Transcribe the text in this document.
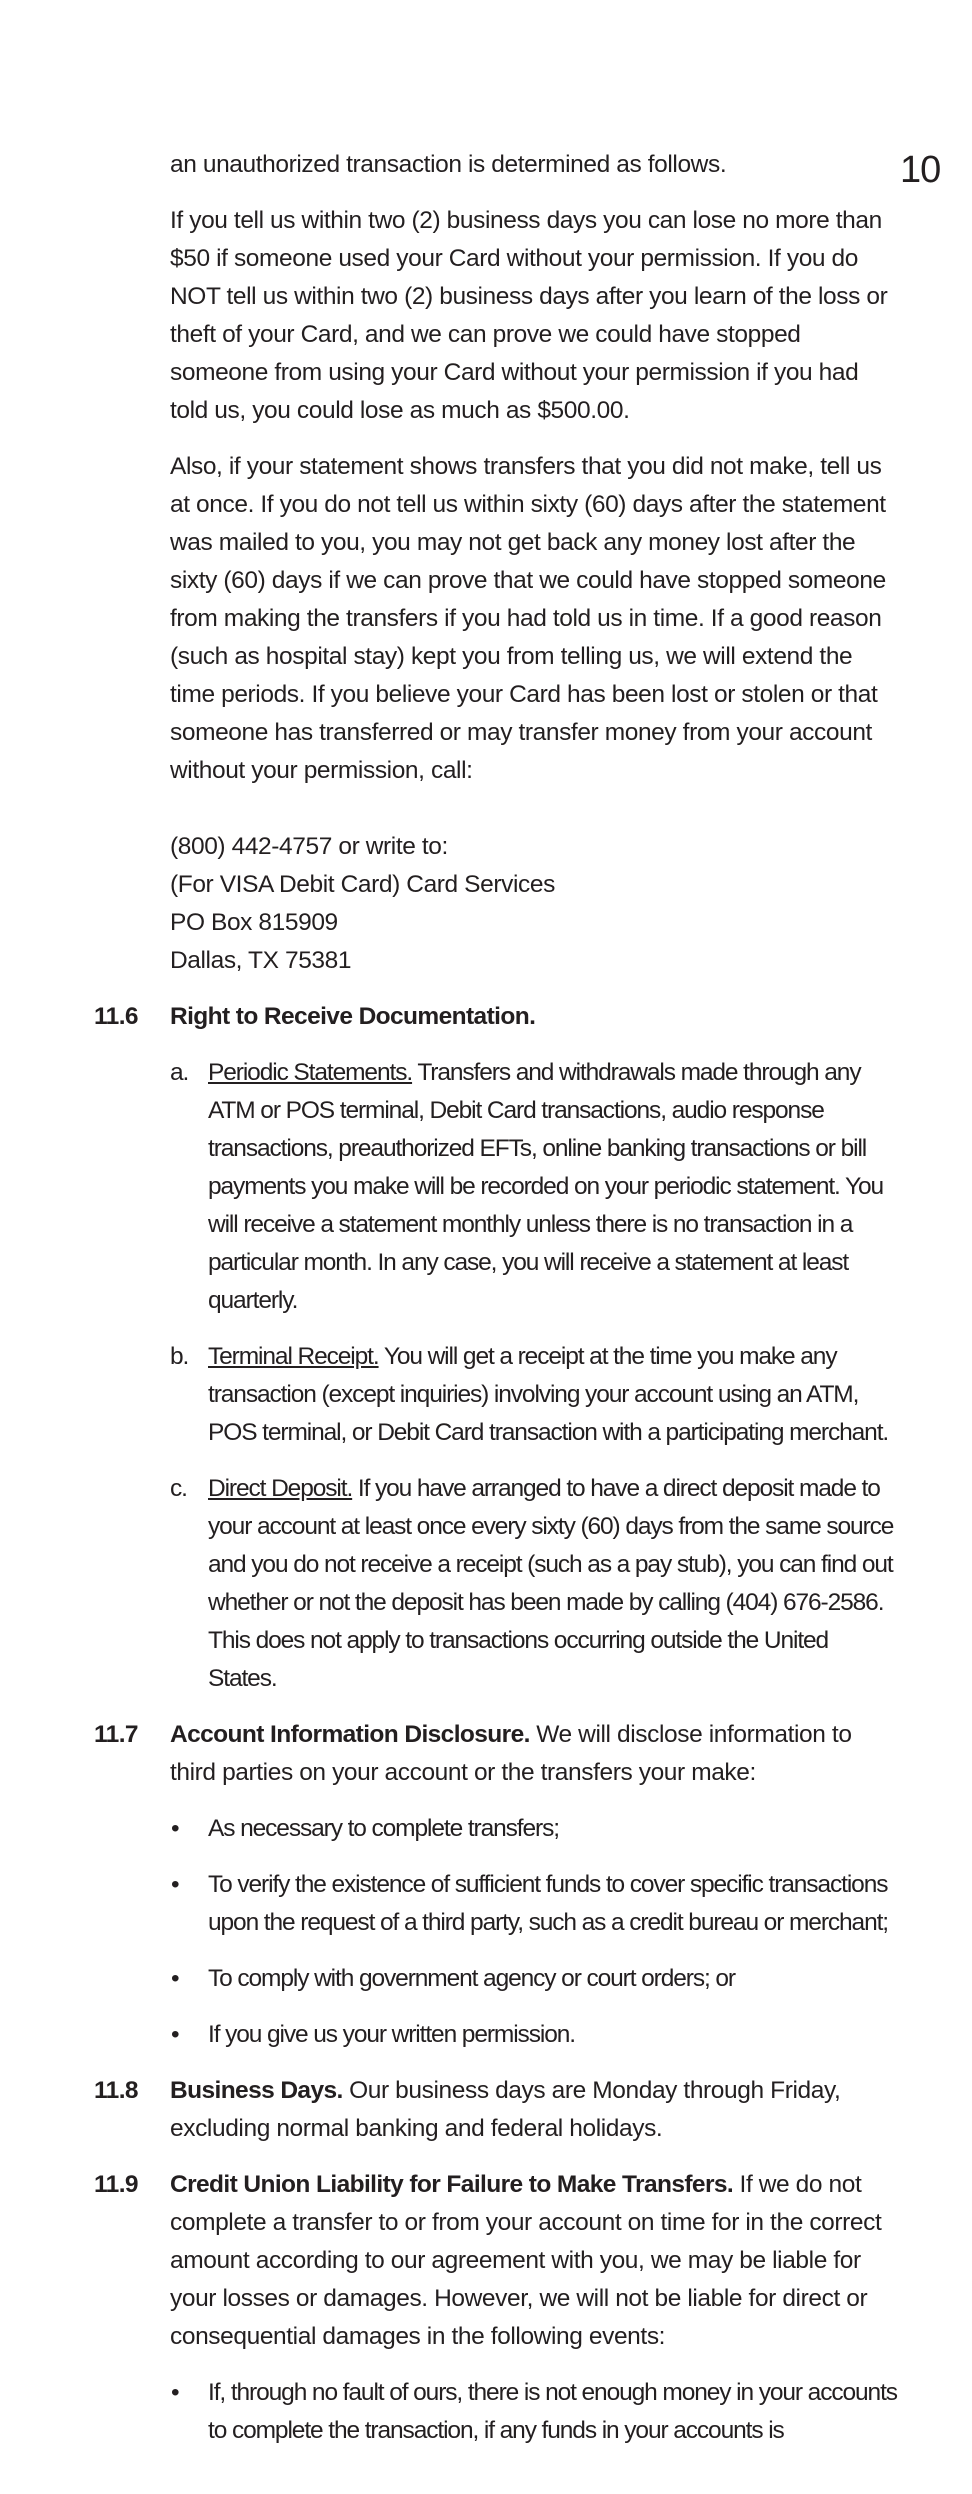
10

an unauthorized transaction is determined as follows.

If you tell us within two (2) business days you can lose no more than $50 if someone used your Card without your permission. If you do NOT tell us within two (2) business days after you learn of the loss or theft of your Card, and we can prove we could have stopped someone from using your Card without your permission if you had told us, you could lose as much as $500.00.

Also, if your statement shows transfers that you did not make, tell us at once. If you do not tell us within sixty (60) days after the statement was mailed to you, you may not get back any money lost after the sixty (60) days if we can prove that we could have stopped someone from making the transfers if you had told us in time. If a good reason (such as hospital stay) kept you from telling us, we will extend the time periods. If you believe your Card has been lost or stolen or that someone has transferred or may transfer money from your account without your permission, call:

(800) 442-4757 or write to:
(For VISA Debit Card) Card Services
PO Box 815909
Dallas, TX 75381
11.6 Right to Receive Documentation.
a. Periodic Statements. Transfers and withdrawals made through any ATM or POS terminal, Debit Card transactions, audio response transactions, preauthorized EFTs, online banking transactions or bill payments you make will be recorded on your periodic statement. You will receive a statement monthly unless there is no transaction in a particular month. In any case, you will receive a statement at least quarterly.
b. Terminal Receipt. You will get a receipt at the time you make any transaction (except inquiries) involving your account using an ATM, POS terminal, or Debit Card transaction with a participating merchant.
c. Direct Deposit. If you have arranged to have a direct deposit made to your account at least once every sixty (60) days from the same source and you do not receive a receipt (such as a pay stub), you can find out whether or not the deposit has been made by calling (404) 676-2586. This does not apply to transactions occurring outside the United States.
11.7 Account Information Disclosure. We will disclose information to third parties on your account or the transfers your make:
• As necessary to complete transfers;
• To verify the existence of sufficient funds to cover specific transactions upon the request of a third party, such as a credit bureau or merchant;
• To comply with government agency or court orders; or
• If you give us your written permission.
11.8 Business Days. Our business days are Monday through Friday, excluding normal banking and federal holidays.
11.9 Credit Union Liability for Failure to Make Transfers. If we do not complete a transfer to or from your account on time for in the correct amount according to our agreement with you, we may be liable for your losses or damages. However, we will not be liable for direct or consequential damages in the following events:
• If, through no fault of ours, there is not enough money in your accounts to complete the transaction, if any funds in your accounts is
